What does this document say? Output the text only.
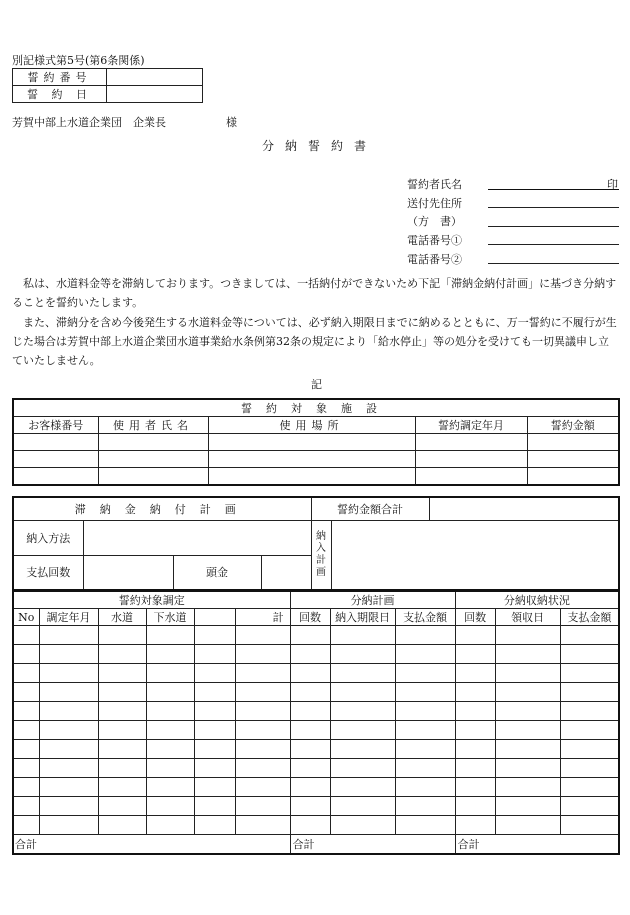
別記様式第5号(第6条関係)
誓約番号	
誓 約 日	
芳賀中部上水道企業団　企業長	様
分納誓約書
誓約者氏名	印
送付先住所
（方　書）
電話番号①
電話番号②
私は、水道料金等を滞納しております。つきましては、一括納付ができないため下記「滞納金納付計画」に基づき分納することを誓約いたします。
また、滞納分を含め今後発生する水道料金等については、必ず納入期限日までに納めるとともに、万一誓約に不履行が生じた場合は芳賀中部上水道企業団水道事業給水条例第32条の規定により「給水停止」等の処分を受けても一切異議申し立ていたしません。
記
誓約対象施設				
お客様番号	使用者氏名	使用場所	誓約調定年月	誓約金額

滞納金納付計画				誓約金額合計		
納入方法				納
入
計
画		

支払回数		頭金				
誓約対象調定						分納計画			分納収納状況		
No	調定年月	水道	下水道		計	回数	納入期限日	支払金額	回数	領収日	支払金額

合計						合計			合計		
